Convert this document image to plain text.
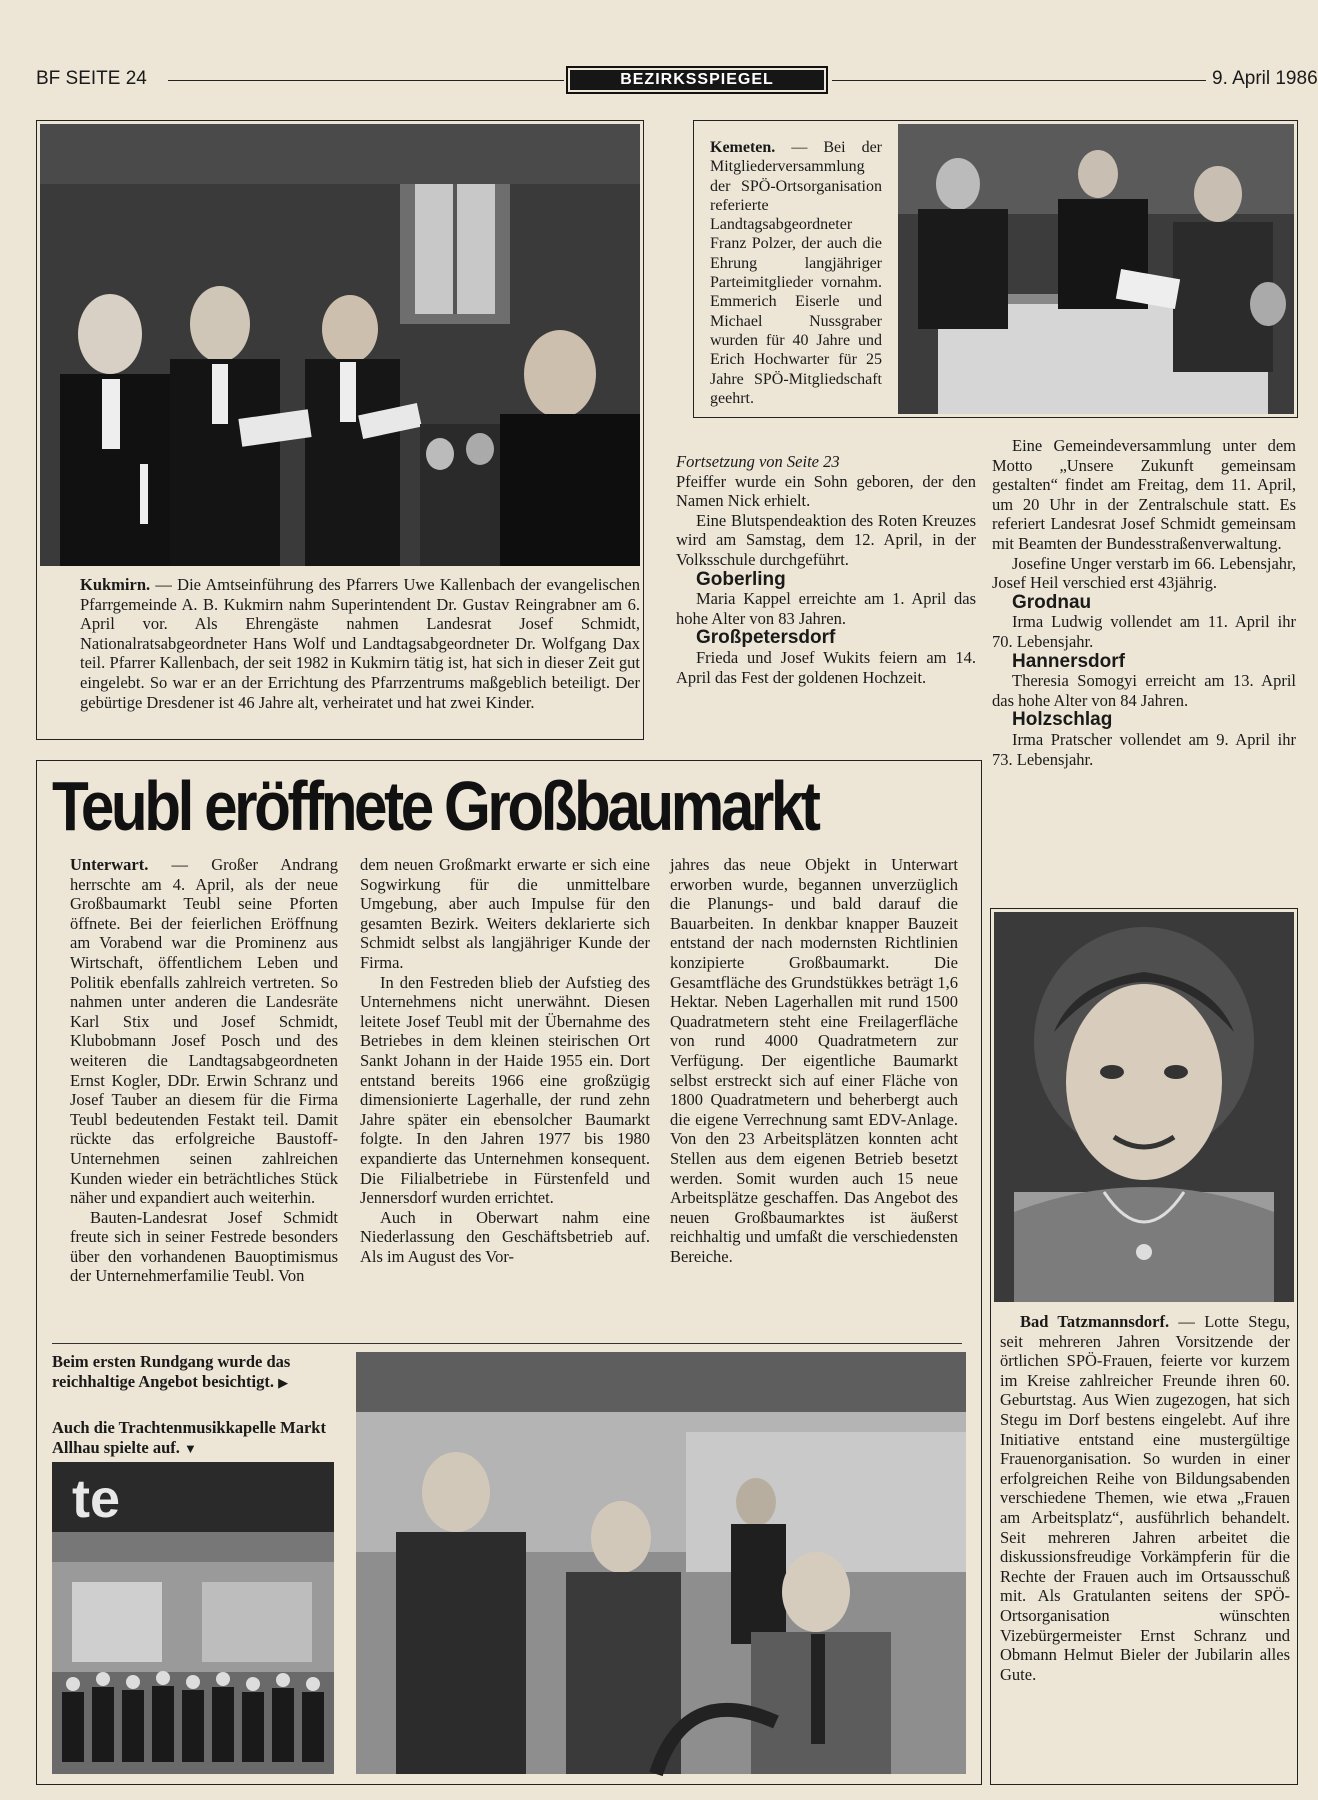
BF SEITE 24	BEZIRKSSPIEGEL	9. April 1986

Kukmirn. — Die Amtseinführung des Pfarrers Uwe Kallenbach der evangelischen Pfarrgemeinde A. B. Kukmirn nahm Superintendent Dr. Gustav Reingrabner am 6. April vor. Als Ehrengäste nahmen Landesrat Josef Schmidt, Nationalratsabgeordneter Hans Wolf und Landtagsabgeordneter Dr. Wolfgang Dax teil. Pfarrer Kallenbach, der seit 1982 in Kukmirn tätig ist, hat sich in dieser Zeit gut eingelebt. So war er an der Errichtung des Pfarrzentrums maßgeblich beteiligt. Der gebürtige Dresdener ist 46 Jahre alt, verheiratet und hat zwei Kinder.

Kemeten. — Bei der Mitgliederversammlung der SPÖ-Ortsorganisation referierte Landtagsabgeordneter Franz Polzer, der auch die Ehrung langjähriger Parteimitglieder vornahm. Emmerich Eiserle und Michael Nussgraber wurden für 40 Jahre und Erich Hochwarter für 25 Jahre SPÖ-Mitgliedschaft geehrt.

Fortsetzung von Seite 23

Pfeiffer wurde ein Sohn geboren, der den Namen Nick erhielt.

Eine Blutspendeaktion des Roten Kreuzes wird am Samstag, dem 12. April, in der Volksschule durchgeführt.

Goberling

Maria Kappel erreichte am 1. April das hohe Alter von 83 Jahren.

Großpetersdorf

Frieda und Josef Wukits feiern am 14. April das Fest der goldenen Hochzeit.

Eine Gemeindeversammlung unter dem Motto „Unsere Zukunft gemeinsam gestalten“ findet am Freitag, dem 11. April, um 20 Uhr in der Zentralschule statt. Es referiert Landesrat Josef Schmidt gemeinsam mit Beamten der Bundesstraßenverwaltung.

Josefine Unger verstarb im 66. Lebensjahr, Josef Heil verschied erst 43jährig.

Grodnau

Irma Ludwig vollendet am 11. April ihr 70. Lebensjahr.

Hannersdorf

Theresia Somogyi erreicht am 13. April das hohe Alter von 84 Jahren.

Holzschlag

Irma Pratscher vollendet am 9. April ihr 73. Lebensjahr.

Teubl eröffnete Großbaumarkt

Unterwart. — Großer Andrang herrschte am 4. April, als der neue Großbaumarkt Teubl seine Pforten öffnete. Bei der feierlichen Eröffnung am Vorabend war die Prominenz aus Wirtschaft, öffentlichem Leben und Politik ebenfalls zahlreich vertreten. So nahmen unter anderen die Landesräte Karl Stix und Josef Schmidt, Klubobmann Josef Posch und des weiteren die Landtagsabgeordneten Ernst Kogler, DDr. Erwin Schranz und Josef Tauber an diesem für die Firma Teubl bedeutenden Festakt teil. Damit rückte das erfolgreiche Baustoff-Unternehmen seinen zahlreichen Kunden wieder ein beträchtliches Stück näher und expandiert auch weiterhin.

Bauten-Landesrat Josef Schmidt freute sich in seiner Festrede besonders über den vorhandenen Bauoptimismus der Unternehmerfamilie Teubl. Von

dem neuen Großmarkt erwarte er sich eine Sogwirkung für die unmittelbare Umgebung, aber auch Impulse für den gesamten Bezirk. Weiters deklarierte sich Schmidt selbst als langjähriger Kunde der Firma.

In den Festreden blieb der Aufstieg des Unternehmens nicht unerwähnt. Diesen leitete Josef Teubl mit der Übernahme des Betriebes in dem kleinen steirischen Ort Sankt Johann in der Haide 1955 ein. Dort entstand bereits 1966 eine großzügig dimensionierte Lagerhalle, der rund zehn Jahre später ein ebensolcher Baumarkt folgte. In den Jahren 1977 bis 1980 expandierte das Unternehmen konsequent. Die Filialbetriebe in Fürstenfeld und Jennersdorf wurden errichtet.

Auch in Oberwart nahm eine Niederlassung den Geschäftsbetrieb auf. Als im August des Vor-

jahres das neue Objekt in Unterwart erworben wurde, begannen unverzüglich die Planungs- und bald darauf die Bauarbeiten. In denkbar knapper Bauzeit entstand der nach modernsten Richtlinien konzipierte Großbaumarkt. Die Gesamtfläche des Grundstükkes beträgt 1,6 Hektar. Neben Lagerhallen mit rund 1500 Quadratmetern steht eine Freilagerfläche von rund 4000 Quadratmetern zur Verfügung. Der eigentliche Baumarkt selbst erstreckt sich auf einer Fläche von 1800 Quadratmetern und beherbergt auch die eigene Verrechnung samt EDV-Anlage. Von den 23 Arbeitsplätzen konnten acht Stellen aus dem eigenen Betrieb besetzt werden. Somit wurden auch 15 neue Arbeitsplätze geschaffen. Das Angebot des neuen Großbaumarktes ist äußerst reichhaltig und umfaßt die verschiedensten Bereiche.

Beim ersten Rundgang wurde das reichhaltige Angebot besichtigt. ▶
Auch die Trachtenmusikkapelle Markt Allhau spielte auf. ▼
te

Bad Tatzmannsdorf. — Lotte Stegu, seit mehreren Jahren Vorsitzende der örtlichen SPÖ-Frauen, feierte vor kurzem im Kreise zahlreicher Freunde ihren 60. Geburtstag. Aus Wien zugezogen, hat sich Stegu im Dorf bestens eingelebt. Auf ihre Initiative entstand eine mustergültige Frauenorganisation. So wurden in einer erfolgreichen Reihe von Bildungsabenden verschiedene Themen, wie etwa „Frauen am Arbeitsplatz“, ausführlich behandelt. Seit mehreren Jahren arbeitet die diskussionsfreudige Vorkämpferin für die Rechte der Frauen auch im Ortsausschuß mit. Als Gratulanten seitens der SPÖ-Ortsorganisation wünschten Vizebürgermeister Ernst Schranz und Obmann Helmut Bieler der Jubilarin alles Gute.
